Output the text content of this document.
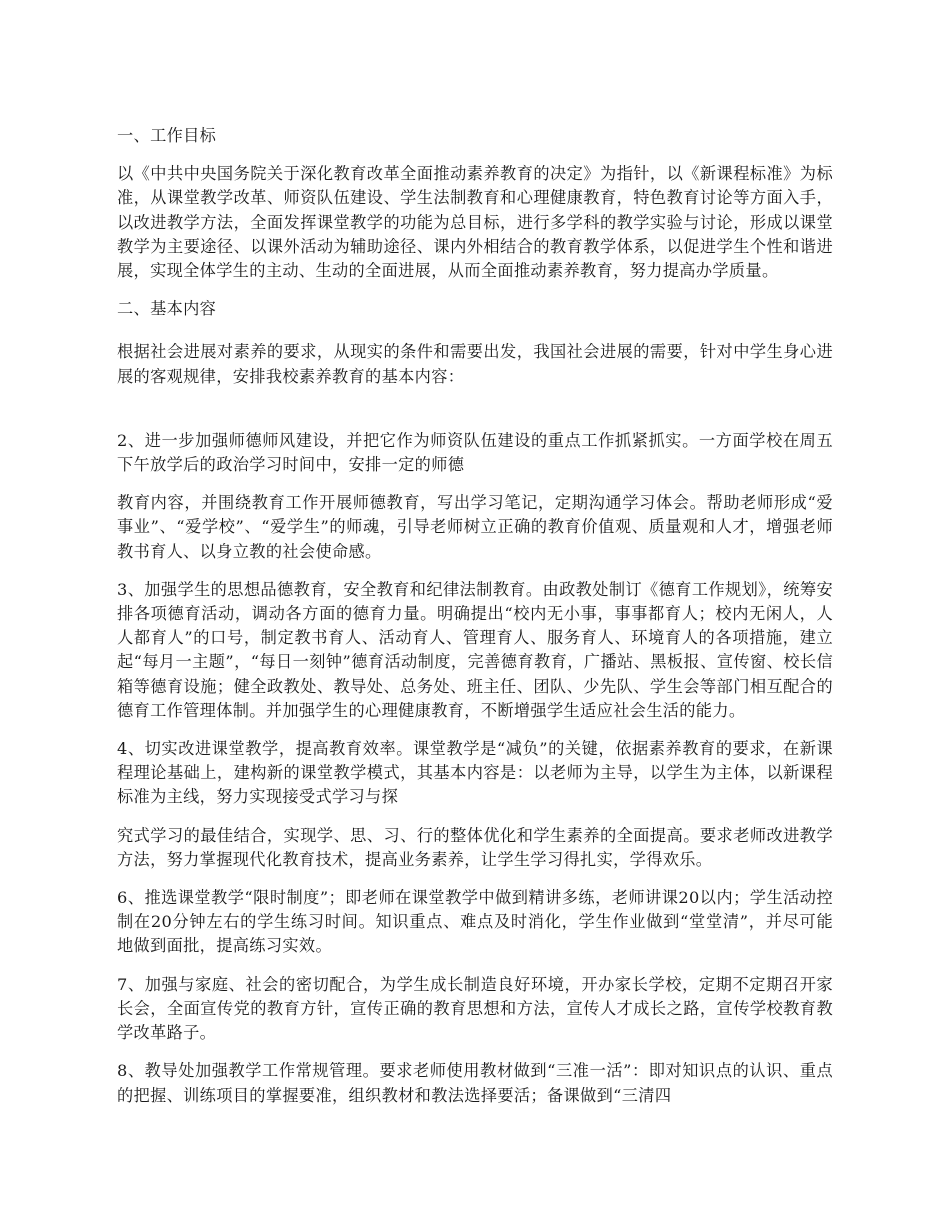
一、工作目标

以《中共中央国务院关于深化教育改革全面推动素养教育的决定》为指针，以《新课程标准》为标准，从课堂教学改革、师资队伍建设、学生法制教育和心理健康教育，特色教育讨论等方面入手，以改进教学方法，全面发挥课堂教学的功能为总目标，进行多学科的教学实验与讨论，形成以课堂教学为主要途径、以课外活动为辅助途径、课内外相结合的教育教学体系，以促进学生个性和谐进展，实现全体学生的主动、生动的全面进展，从而全面推动素养教育，努力提高办学质量。

二、基本内容

根据社会进展对素养的要求，从现实的条件和需要出发，我国社会进展的需要，针对中学生身心进展的客观规律，安排我校素养教育的基本内容：

2、进一步加强师德师风建设，并把它作为师资队伍建设的重点工作抓紧抓实。一方面学校在周五下午放学后的政治学习时间中，安排一定的师德

教育内容，并围绕教育工作开展师德教育，写出学习笔记，定期沟通学习体会。帮助老师形成“爱事业”、“爱学校”、“爱学生”的师魂，引导老师树立正确的教育价值观、质量观和人才，增强老师教书育人、以身立教的社会使命感。

3、加强学生的思想品德教育，安全教育和纪律法制教育。由政教处制订《德育工作规划》，统筹安排各项德育活动，调动各方面的德育力量。明确提出“校内无小事，事事都育人；校内无闲人，人人都育人”的口号，制定教书育人、活动育人、管理育人、服务育人、环境育人的各项措施，建立起“每月一主题”，“每日一刻钟”德育活动制度，完善德育教育，广播站、黑板报、宣传窗、校长信箱等德育设施；健全政教处、教导处、总务处、班主任、团队、少先队、学生会等部门相互配合的德育工作管理体制。并加强学生的心理健康教育，不断增强学生适应社会生活的能力。

4、切实改进课堂教学，提高教育效率。课堂教学是“减负”的关键，依据素养教育的要求，在新课程理论基础上，建构新的课堂教学模式，其基本内容是：以老师为主导，以学生为主体，以新课程标准为主线，努力实现接受式学习与探

究式学习的最佳结合，实现学、思、习、行的整体优化和学生素养的全面提高。要求老师改进教学方法，努力掌握现代化教育技术，提高业务素养，让学生学习得扎实，学得欢乐。

6、推选课堂教学“限时制度”；即老师在课堂教学中做到精讲多练，老师讲课20以内；学生活动控制在20分钟左右的学生练习时间。知识重点、难点及时消化，学生作业做到“堂堂清”，并尽可能地做到面批，提高练习实效。

7、加强与家庭、社会的密切配合，为学生成长制造良好环境，开办家长学校，定期不定期召开家长会，全面宣传党的教育方针，宣传正确的教育思想和方法，宣传人才成长之路，宣传学校教育教学改革路子。

8、教导处加强教学工作常规管理。要求老师使用教材做到“三准一活”：即对知识点的认识、重点的把握、训练项目的掌握要准，组织教材和教法选择要活；备课做到“三清四
